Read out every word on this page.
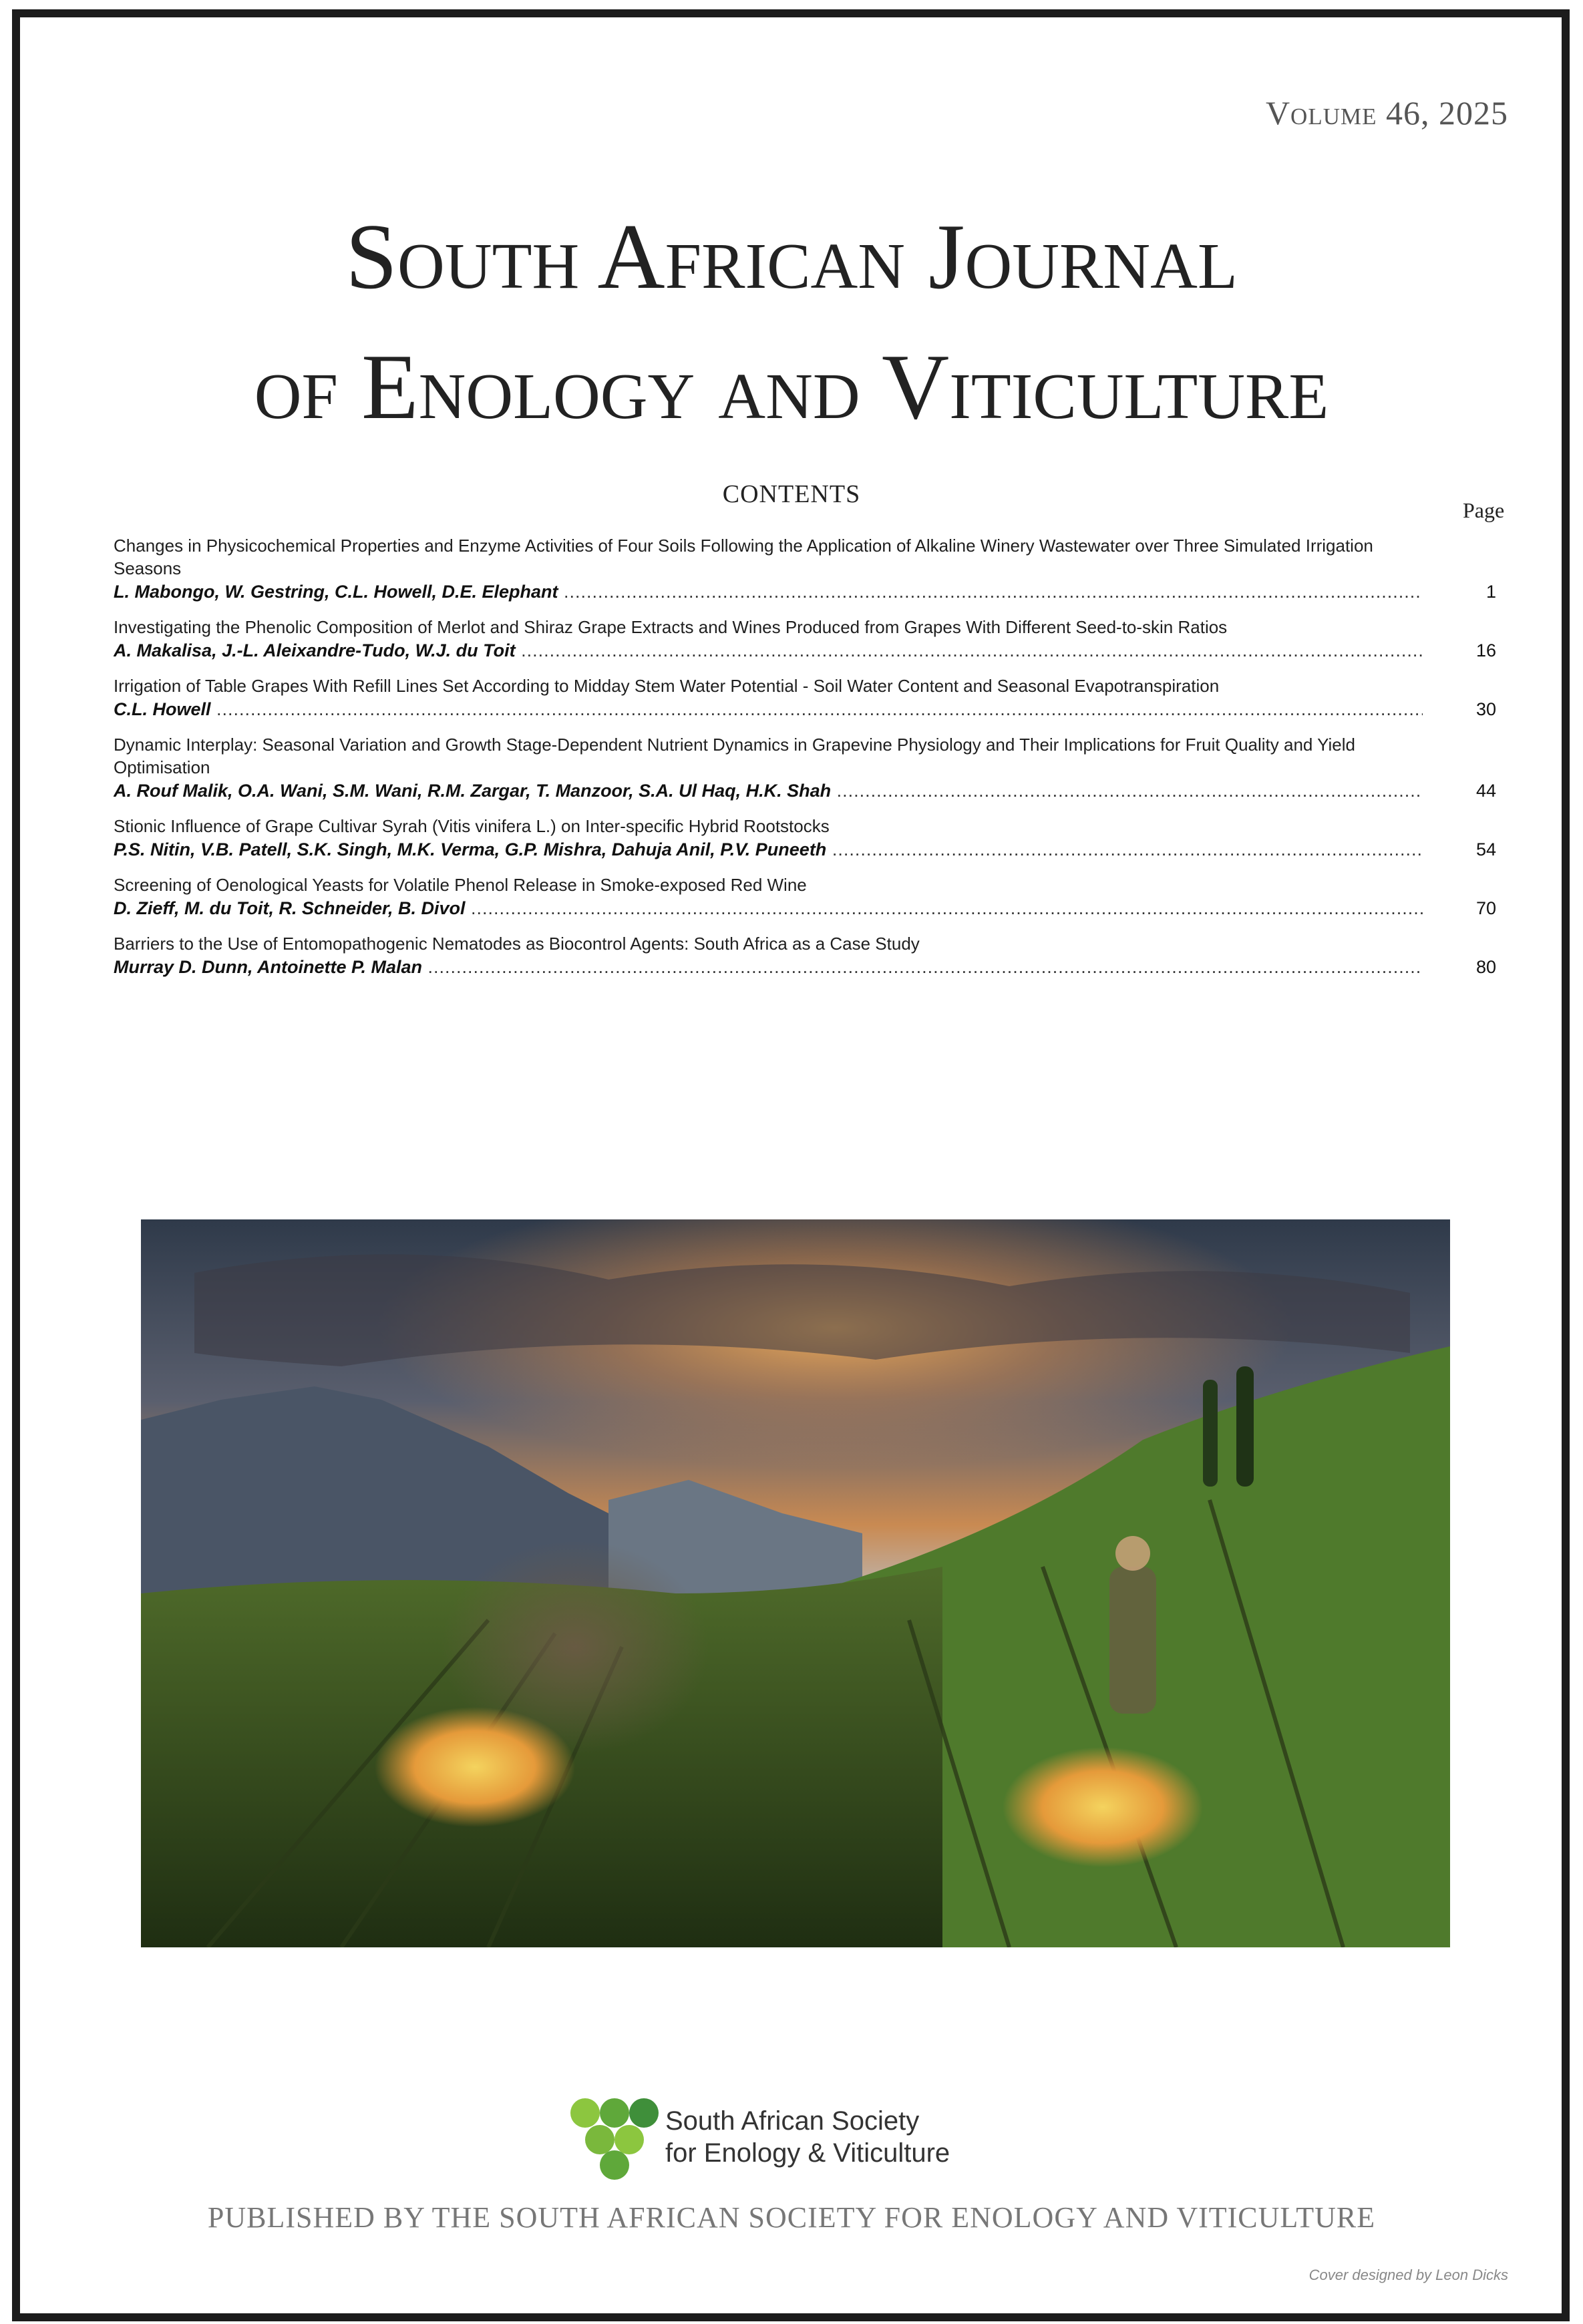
Volume 46, 2025
South African Journal
of Enology and Viticulture
CONTENTS
Page
Changes in Physicochemical Properties and Enzyme Activities of Four Soils Following the Application of Alkaline Winery Wastewater over Three Simulated Irrigation Seasons
L. Mabongo, W. Gestring, C.L. Howell, D.E. Elephant .....	1
Investigating the Phenolic Composition of Merlot and Shiraz Grape Extracts and Wines Produced from Grapes With Different Seed-to-skin Ratios
A. Makalisa, J.-L. Aleixandre-Tudo, W.J. du Toit .....	16
Irrigation of Table Grapes With Refill Lines Set According to Midday Stem Water Potential - Soil Water Content and Seasonal Evapotranspiration
C.L. Howell .....	30
Dynamic Interplay: Seasonal Variation and Growth Stage-Dependent Nutrient Dynamics in Grapevine Physiology and Their Implications for Fruit Quality and Yield Optimisation
A. Rouf Malik, O.A. Wani, S.M. Wani, R.M. Zargar, T. Manzoor, S.A. Ul Haq, H.K. Shah .....	44
Stionic Influence of Grape Cultivar Syrah (Vitis vinifera L.) on Inter-specific Hybrid Rootstocks
P.S. Nitin, V.B. Patell, S.K. Singh, M.K. Verma, G.P. Mishra, Dahuja Anil, P.V. Puneeth .....	54
Screening of Oenological Yeasts for Volatile Phenol Release in Smoke-exposed Red Wine
D. Zieff, M. du Toit, R. Schneider, B. Divol .....	70
Barriers to the Use of Entomopathogenic Nematodes as Biocontrol Agents: South Africa as a Case Study
Murray D. Dunn, Antoinette P. Malan .....	80
South African Society
for Enology & Viticulture
PUBLISHED BY THE SOUTH AFRICAN SOCIETY FOR ENOLOGY AND VITICULTURE
Cover designed by Leon Dicks
